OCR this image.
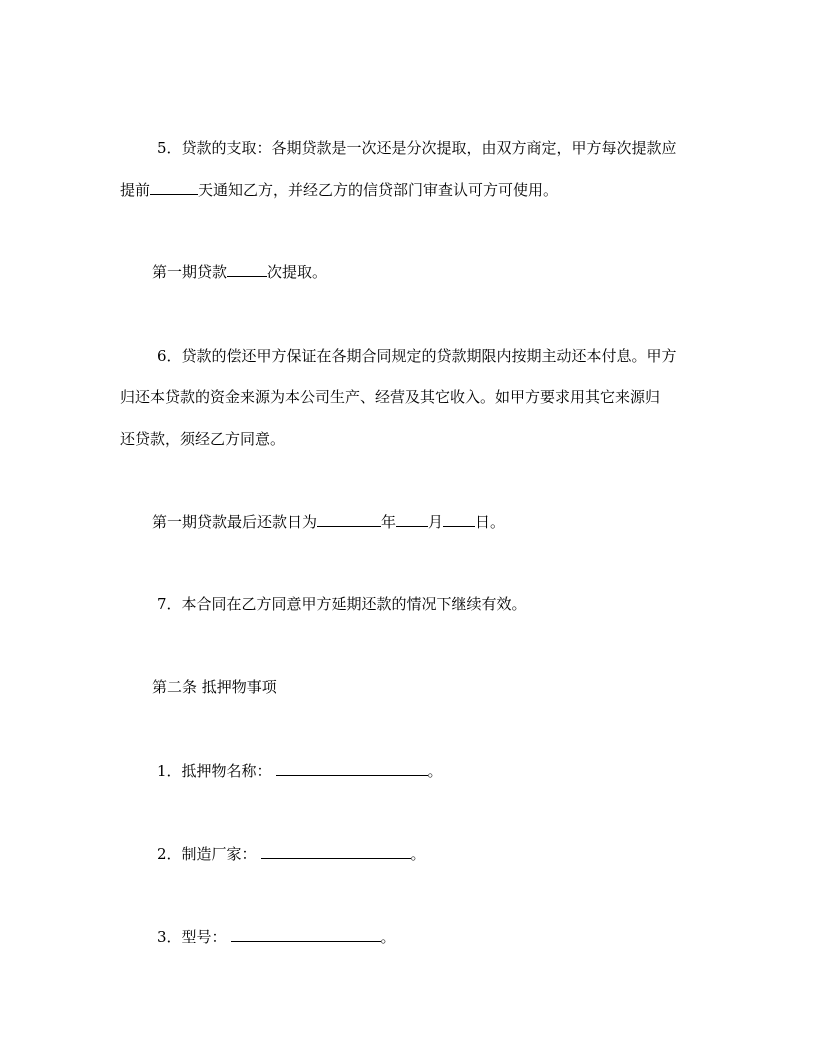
5．贷款的支取：各期贷款是一次还是分次提取，由双方商定，甲方每次提款应
提前	天通知乙方，并经乙方的信贷部门审查认可方可使用。
第一期贷款	次提取。
6．贷款的偿还甲方保证在各期合同规定的贷款期限内按期主动还本付息。甲方
归还本贷款的资金来源为本公司生产、经营及其它收入。如甲方要求用其它来源归
还贷款，须经乙方同意。
第一期贷款最后还款日为	年 月 日。
7．本合同在乙方同意甲方延期还款的情况下继续有效。
第二条 抵押物事项
1．抵押物名称：	。
2．制造厂家：	。
3．型号：	。
